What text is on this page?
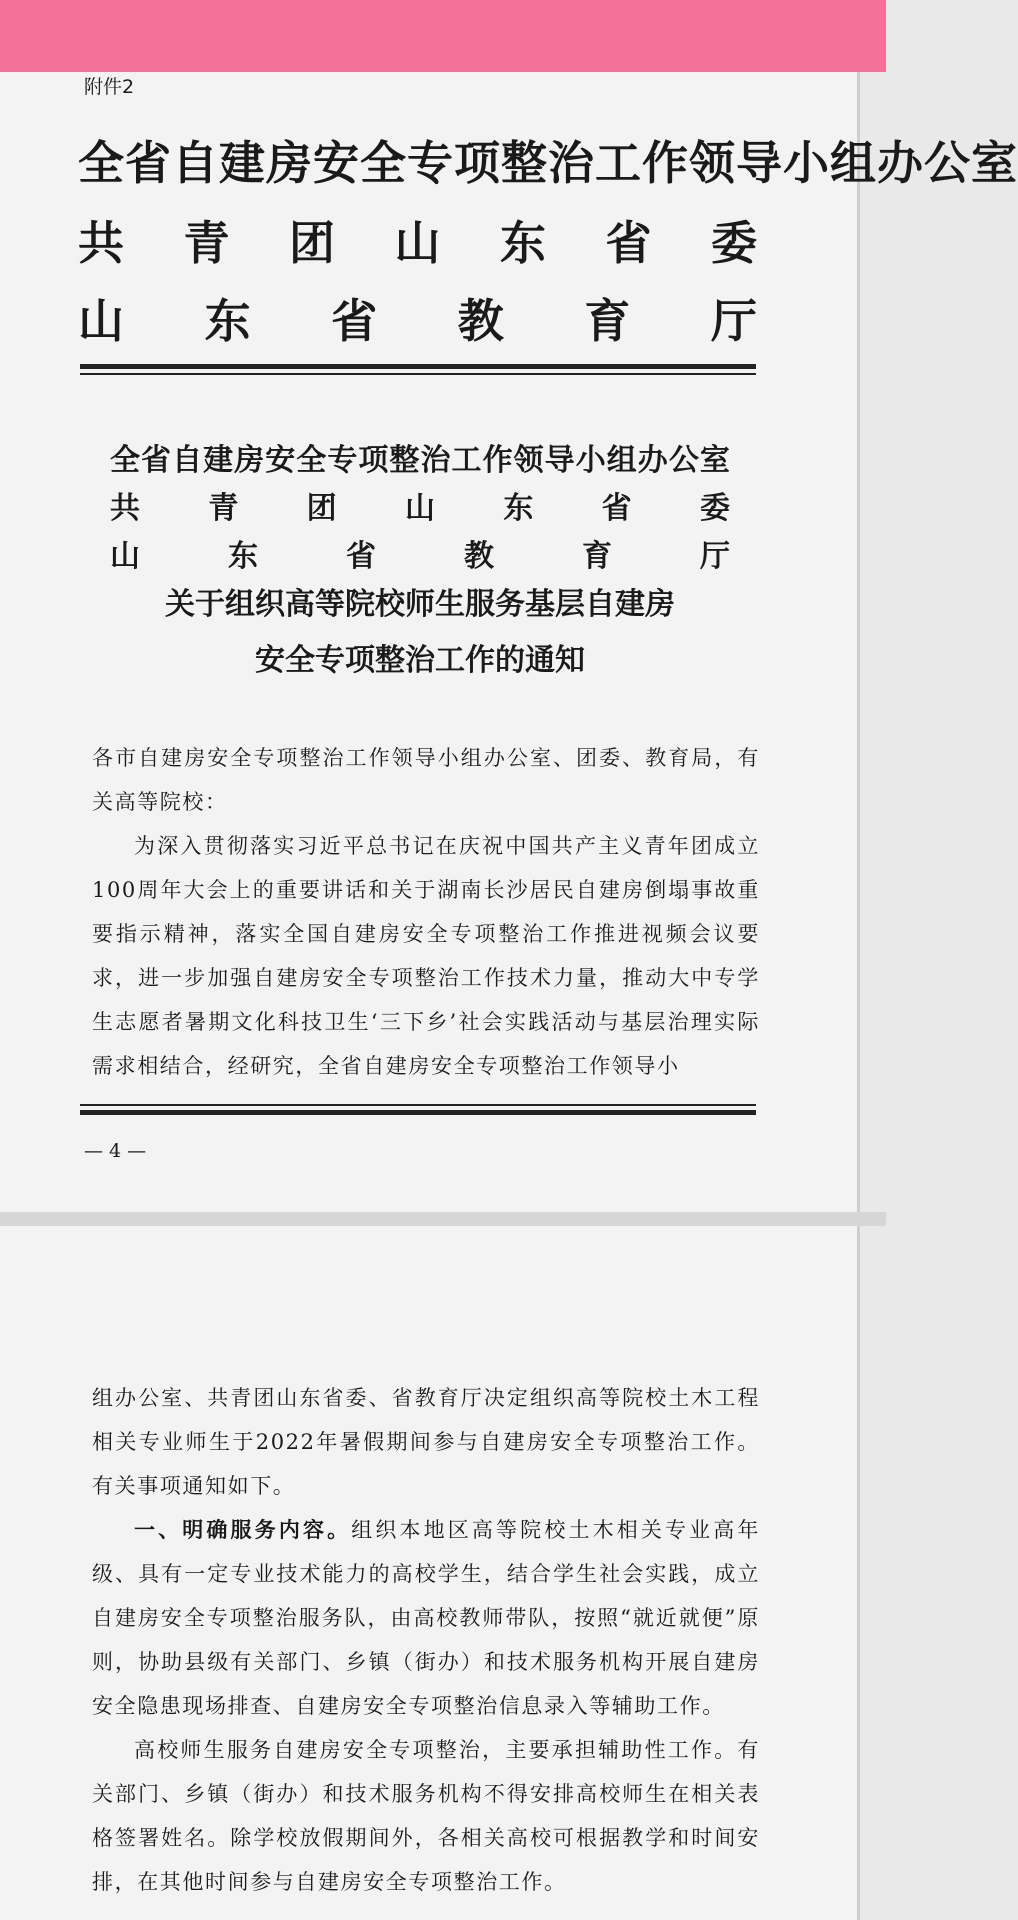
附件2
全 省 自 建 房 安 全 专 项 整 治 工 作 领 导 小 组 办 公 室
共 青 团 山 东 省 委
山 东 省 教 育 厅
全 省 自 建 房 安 全 专 项 整 治 工 作 领 导 小 组 办 公 室
共 青 团 山 东 省 委
山	东	省	教	育	厅
关于组织高等院校师生服务基层自建房
安全专项整治工作的通知
各市自建房安全专项整治工作领导小组办公室、团委、教育局，有关高等院校：
为深入贯彻落实习近平总书记在庆祝中国共产主义青年团成立100周年大会上的重要讲话和关于湖南长沙居民自建房倒塌事故重要指示精神，落实全国自建房安全专项整治工作推进视频会议要求，进一步加强自建房安全专项整治工作技术力量，推动大中专学生志愿者暑期文化科技卫生‘三下乡’社会实践活动与基层治理实际需求相结合，经研究，全省自建房安全专项整治工作领导小
— 4 —
组办公室、共青团山东省委、省教育厅决定组织高等院校土木工程相关专业师生于2022年暑假期间参与自建房安全专项整治工作。有关事项通知如下。
一、明确服务内容。组织本地区高等院校土木相关专业高年级、具有一定专业技术能力的高校学生，结合学生社会实践，成立自建房安全专项整治服务队，由高校教师带队，按照“就近就便”原则，协助县级有关部门、乡镇（街办）和技术服务机构开展自建房安全隐患现场排查、自建房安全专项整治信息录入等辅助工作。
高校师生服务自建房安全专项整治，主要承担辅助性工作。有关部门、乡镇（街办）和技术服务机构不得安排高校师生在相关表格签署姓名。除学校放假期间外，各相关高校可根据教学和时间安排，在其他时间参与自建房安全专项整治工作。
